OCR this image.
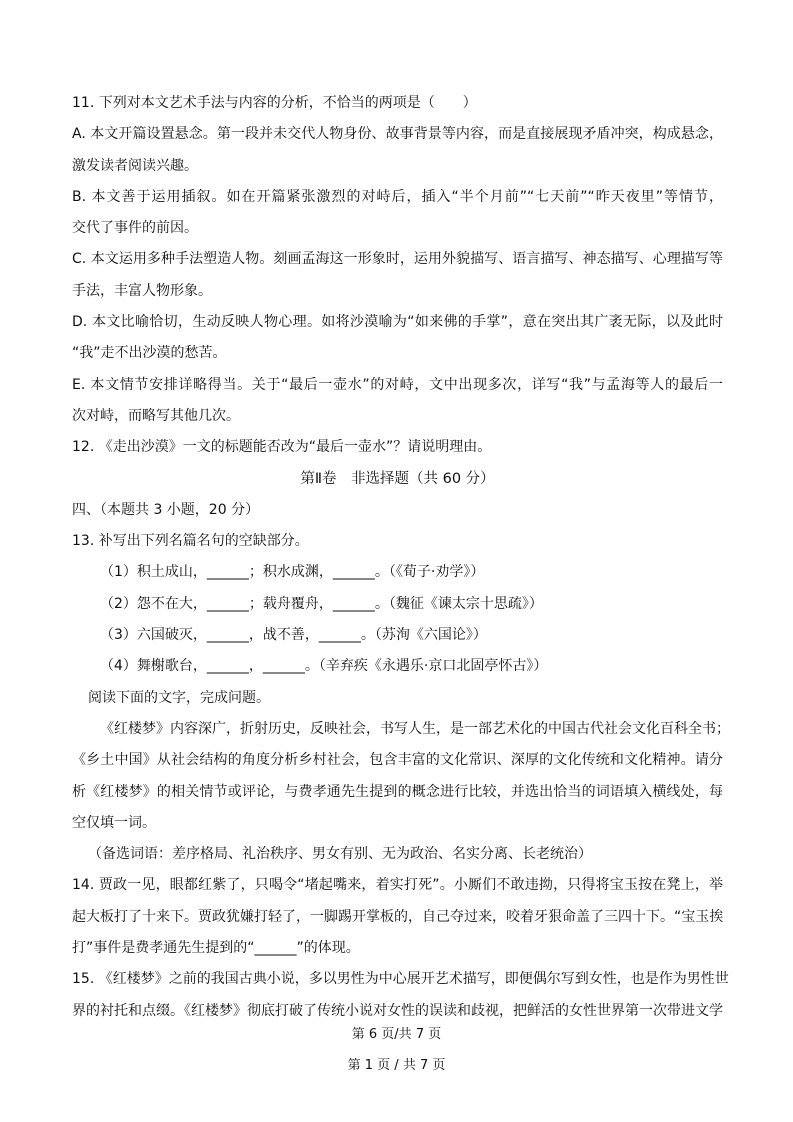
11. 下列对本文艺术手法与内容的分析，不恰当的两项是（　　）
A. 本文开篇设置悬念。第一段并未交代人物身份、故事背景等内容，而是直接展现矛盾冲突，构成悬念，
激发读者阅读兴趣。
B. 本文善于运用插叙。如在开篇紧张激烈的对峙后，插入“半个月前”“七天前”“昨天夜里”等情节，
交代了事件的前因。
C. 本文运用多种手法塑造人物。刻画孟海这一形象时，运用外貌描写、语言描写、神态描写、心理描写等
手法，丰富人物形象。
D. 本文比喻恰切，生动反映人物心理。如将沙漠喻为“如来佛的手掌”，意在突出其广袤无际，以及此时
“我”走不出沙漠的愁苦。
E. 本文情节安排详略得当。关于“最后一壶水”的对峙，文中出现多次，详写“我”与孟海等人的最后一
次对峙，而略写其他几次。
12. 《走出沙漠》一文的标题能否改为“最后一壶水”？请说明理由。
第Ⅱ卷　非选择题（共 60 分）
四、（本题共 3 小题，20 分）
13. 补写出下列名篇名句的空缺部分。
（1）积土成山，______；积水成渊，______。（《荀子·劝学》）
（2）怨不在大，______；载舟覆舟，______。（魏征《谏太宗十思疏》）
（3）六国破灭，______，战不善，______。（苏洵《六国论》）
（4）舞榭歌台，______，______。（辛弃疾《永遇乐·京口北固亭怀古》）
阅读下面的文字，完成问题。
《红楼梦》内容深广，折射历史，反映社会，书写人生，是一部艺术化的中国古代社会文化百科全书；
《乡土中国》从社会结构的角度分析乡村社会，包含丰富的文化常识、深厚的文化传统和文化精神。请分
析《红楼梦》的相关情节或评论，与费孝通先生提到的概念进行比较，并选出恰当的词语填入横线处，每
空仅填一词。
（备选词语：差序格局、礼治秩序、男女有别、无为政治、名实分离、长老统治）
14. 贾政一见，眼都红紫了，只喝令“堵起嘴来，着实打死”。小厮们不敢违拗，只得将宝玉按在凳上，举
起大板打了十来下。贾政犹嫌打轻了，一脚踢开掌板的，自己夺过来，咬着牙狠命盖了三四十下。“宝玉挨
打”事件是费孝通先生提到的“______”的体现。
15. 《红楼梦》之前的我国古典小说，多以男性为中心展开艺术描写，即便偶尔写到女性，也是作为男性世
界的衬托和点缀。《红楼梦》彻底打破了传统小说对女性的误读和歧视，把鲜活的女性世界第一次带进文学
第 6 页/共 7 页
第 1 页 / 共 7 页
